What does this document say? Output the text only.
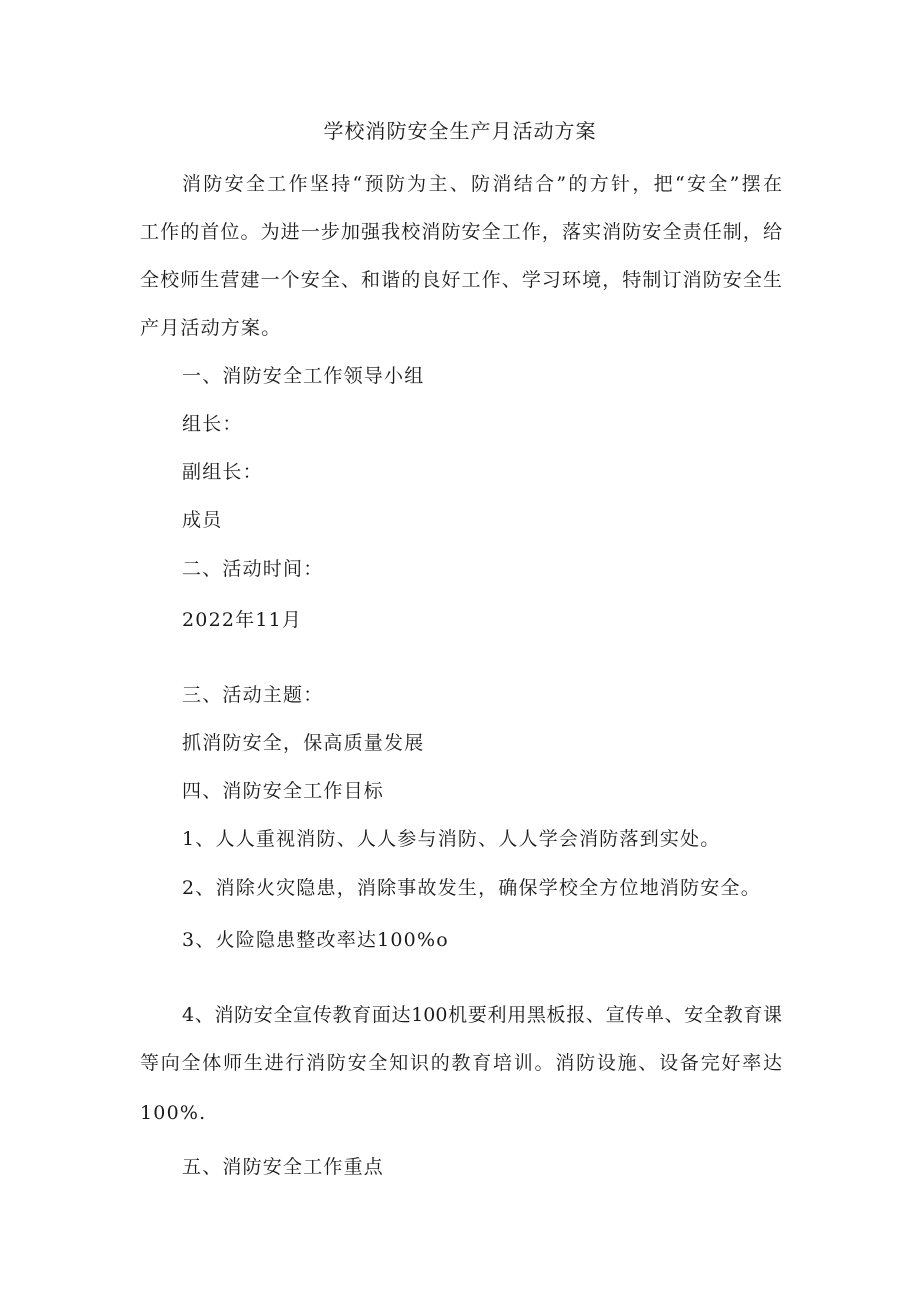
学校消防安全生产月活动方案
消防安全工作坚持“预防为主、防消结合”的方针，把“安全”摆在
工作的首位。为进一步加强我校消防安全工作，落实消防安全责任制，给
全校师生营建一个安全、和谐的良好工作、学习环境，特制订消防安全生
产月活动方案。
一、消防安全工作领导小组
组长：
副组长：
成员
二、活动时间：
2022年11月
三、活动主题：
抓消防安全，保高质量发展
四、消防安全工作目标
1、人人重视消防、人人参与消防、人人学会消防落到实处。
2、消除火灾隐患，消除事故发生，确保学校全方位地消防安全。
3、火险隐患整改率达100%o
4、消防安全宣传教育面达100机要利用黑板报、宣传单、安全教育课
等向全体师生进行消防安全知识的教育培训。消防设施、设备完好率达
100%.
五、消防安全工作重点
